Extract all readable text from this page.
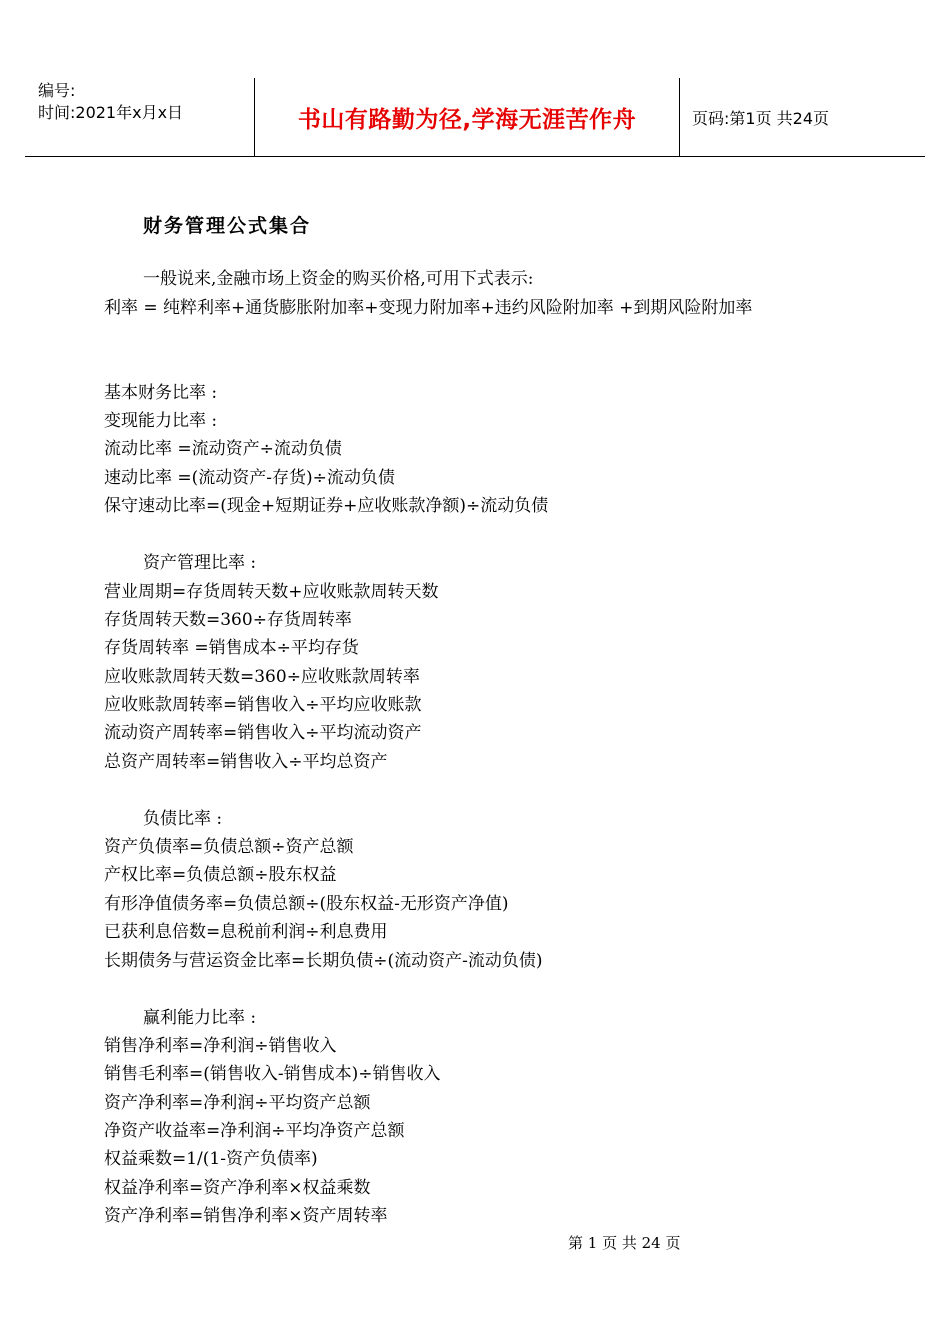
编号:
时间:2021年x月x日	书山有路勤为径,学海无涯苦作舟	页码:第1页 共24页
财务管理公式集合
一般说来,金融市场上资金的购买价格,可用下式表示:
利率 = 纯粹利率+通货膨胀附加率+变现力附加率+违约风险附加率 +到期风险附加率
基本财务比率 :
变现能力比率 :
流动比率 =流动资产÷流动负债
速动比率 =(流动资产-存货)÷流动负债
保守速动比率=(现金+短期证券+应收账款净额)÷流动负债
资产管理比率 :
营业周期=存货周转天数+应收账款周转天数
存货周转天数=360÷存货周转率
存货周转率 =销售成本÷平均存货
应收账款周转天数=360÷应收账款周转率
应收账款周转率=销售收入÷平均应收账款
流动资产周转率=销售收入÷平均流动资产
总资产周转率=销售收入÷平均总资产
负债比率 :
资产负债率=负债总额÷资产总额
产权比率=负债总额÷股东权益
有形净值债务率=负债总额÷(股东权益-无形资产净值)
已获利息倍数=息税前利润÷利息费用
长期债务与营运资金比率=长期负债÷(流动资产-流动负债)
赢利能力比率 :
销售净利率=净利润÷销售收入
销售毛利率=(销售收入-销售成本)÷销售收入
资产净利率=净利润÷平均资产总额
净资产收益率=净利润÷平均净资产总额
权益乘数=1/(1-资产负债率)
权益净利率=资产净利率×权益乘数
资产净利率=销售净利率×资产周转率
第 1 页 共 24 页
